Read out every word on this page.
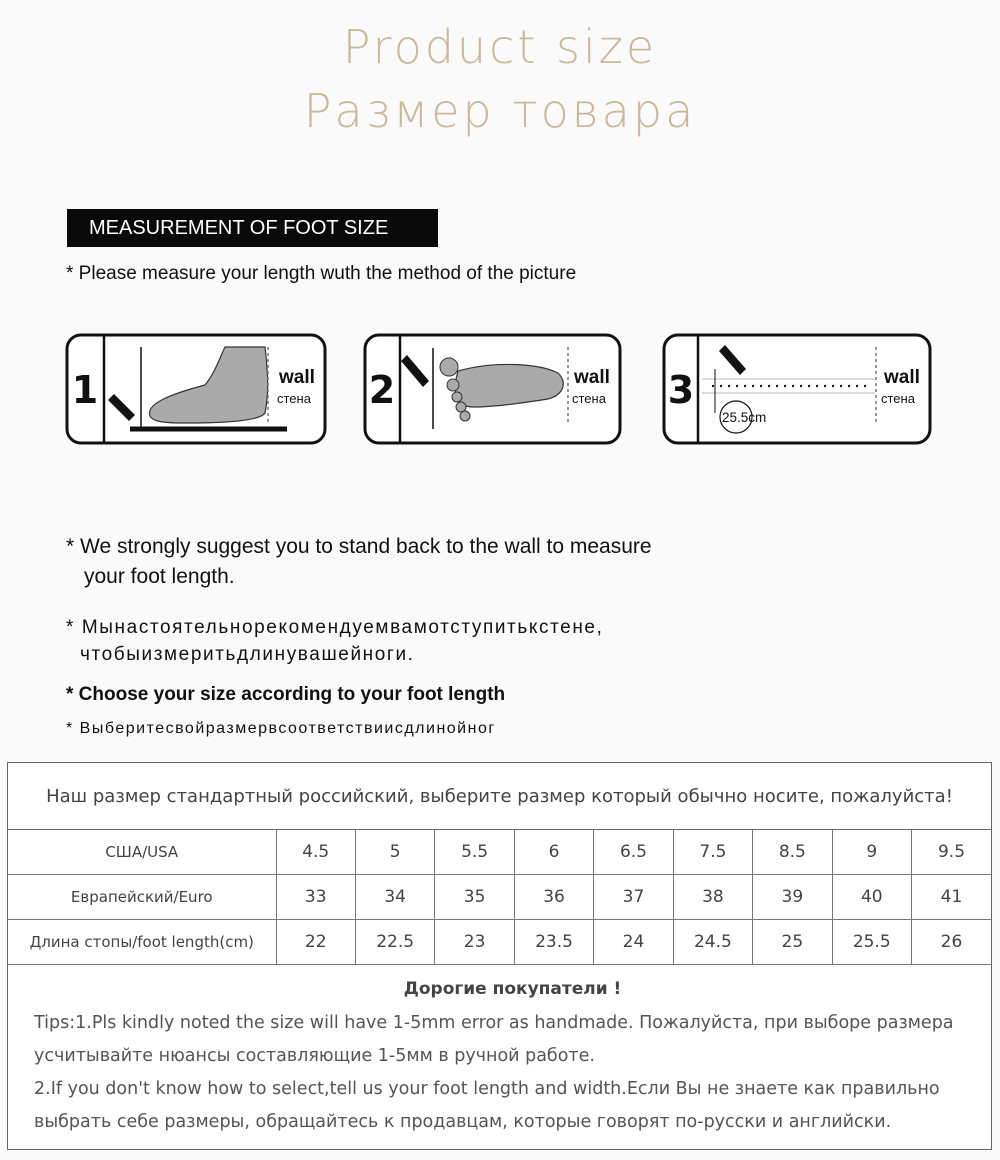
Product size
Размер товара
MEASUREMENT OF FOOT SIZE
* Please measure your length wuth the method of the picture
1	wall
стена 2	wall
стена 3
25.5cm
wall
стена
* We strongly suggest you to stand back to the wall to measure
your foot length.
* Мынастоятельнорекомендуемвамотступитькстене,
чтобыизмеритьдлинувашейноги.
* Choose your size according to your foot length
* Выберитесвойразмервсоответствиисдлинойног
Наш размер стандартный российский, выберите размер который обычно носите, пожалуйста!
США/USA	4.5	5	5.5	6	6.5	7.5	8.5	9	9.5
Еврапейский/Euro	33	34	35	36	37	38	39	40	41
Длина стопы/foot length(cm)	22	22.5	23	23.5	24	24.5	25	25.5	26
Дорогие покупатели !
Tips:1.Pls kindly noted the size will have 1-5mm error as handmade. Пожалуйста, при выборе размера
усчитывайте нюансы составляющие 1-5мм в ручной работе.
2.If you don't know how to select,tell us your foot length and width.Если Вы не знаете как правильно
выбрать себе размеры, обращайтесь к продавцам, которые говорят по-русски и английски.
